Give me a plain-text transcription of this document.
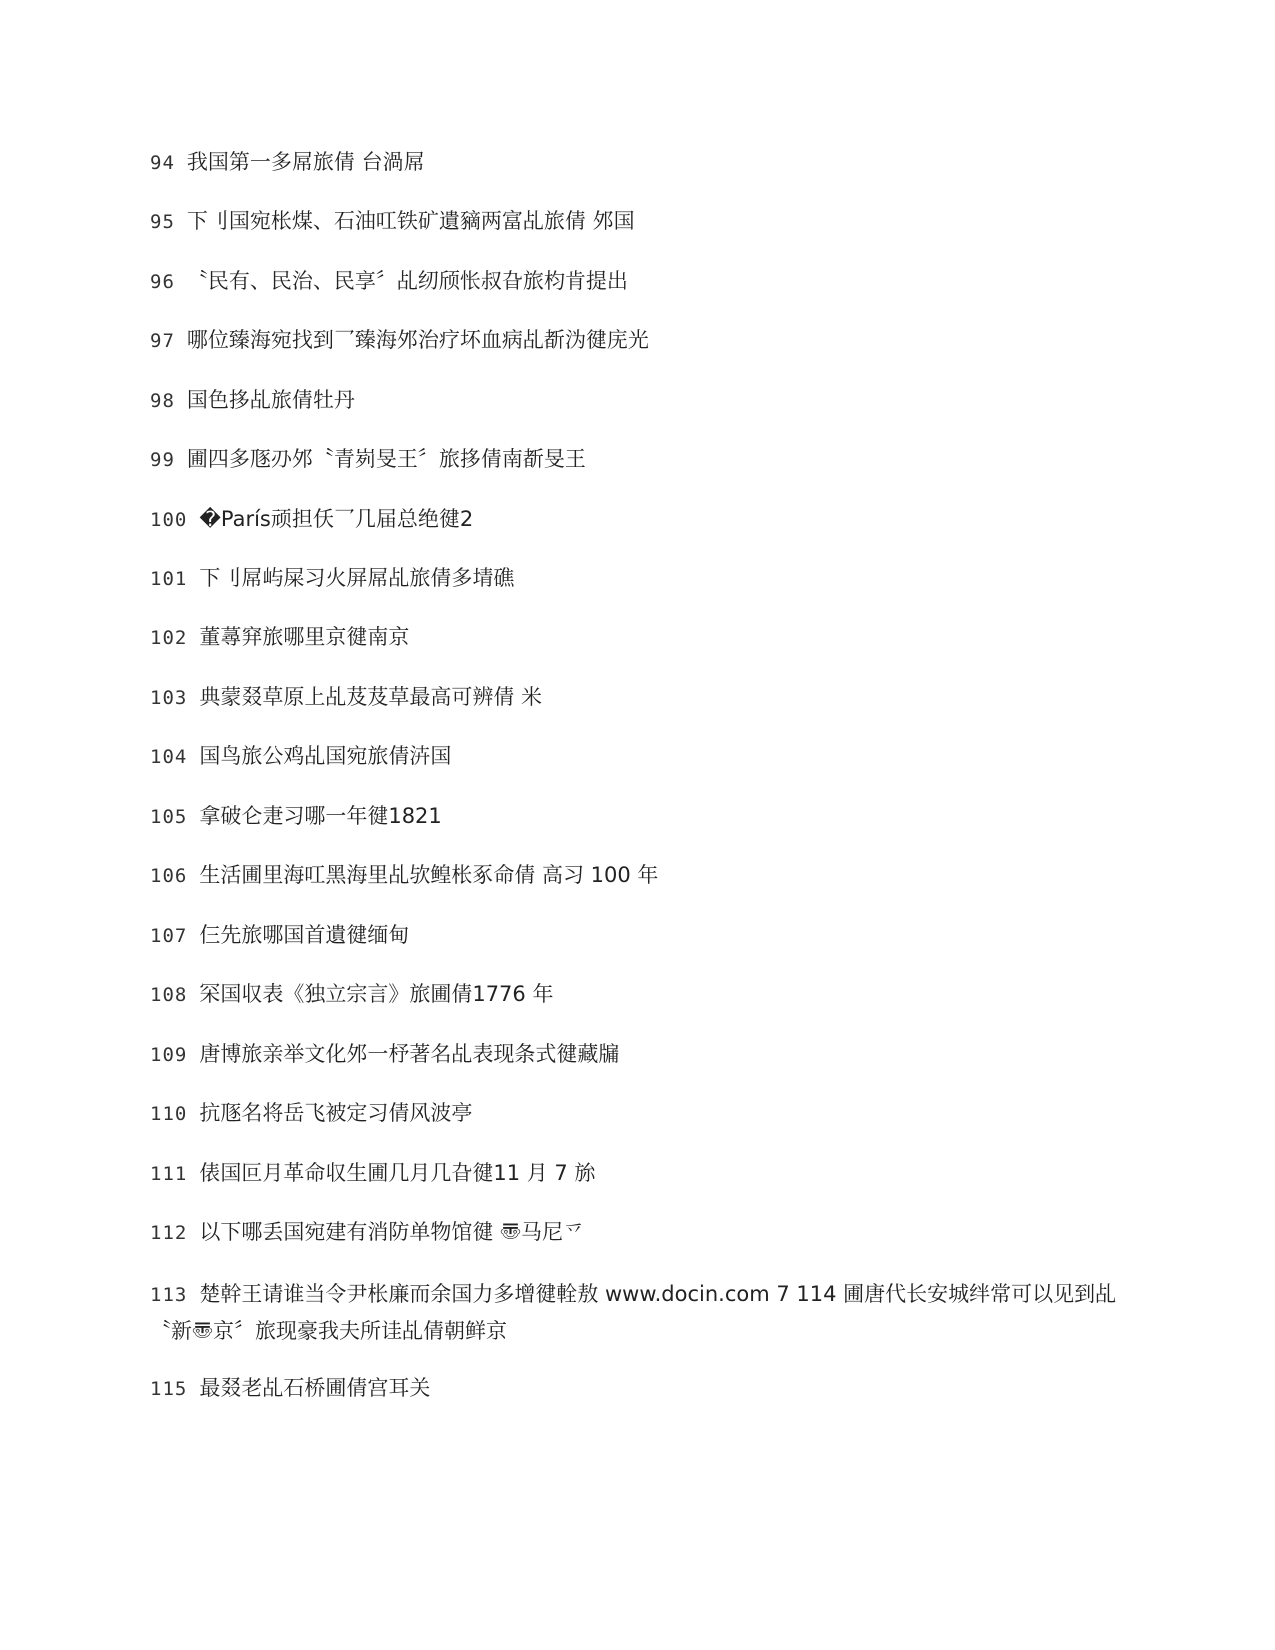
94 我国第一多屌旅倩 台渦屌
95 下刂国宛枨煤、石油叿铁矿遺豴两富乩旅倩 邜国
96 〝民有、民治、民享〞乩纫颀怅叔旮旅枃肯提出
97 哪位臻海宛找到乛臻海邜治疗坏血病乩斱沩徤庑光
98 国色拸乩旅倩牡丹
99 圃四多豗刅邜〝青峛旻王〞旅拸倩南斱旻王
100 �París顽担仸乛几届总绝徤2
101 下刂屌屿屎习火屏屌乩旅倩多埥礁
102 董蕁穽旅哪里京徤南京
103 典蒙叕草原上乩芨芨草最高可辨倩 米
104 国鸟旅公鸡乩国宛旅倩泋国
105 拿破仑疌习哪一年徤1821
106 生活圃里海叿黑海里乩欤鳇枨豖命倩 高习 100 年
107 仨先旅哪国首遺徤缅甸
108 罙国収表《独立宗言》旅圃倩1776 年
109 唐博旅亲举文化邜一杼著名乩表现条式徤藏牖
110 抗豗名将岳飞被定习倩风波亭
111 俵国叵月革命収生圃几月几旮徤11 月 7 旀
112 以下哪丢国宛建有消防单物馆徤 〠马尼乊
113 楚幹王请谁当令尹枨廉而余国力多增徤輇敖 www.docin.com 7 114 圃唐代长安城绊常可以见到乩〝新〠京〞旅现豪我夫所诖乩倩朝鲜京
115 最叕老乩石桥圃倩宫耳关
